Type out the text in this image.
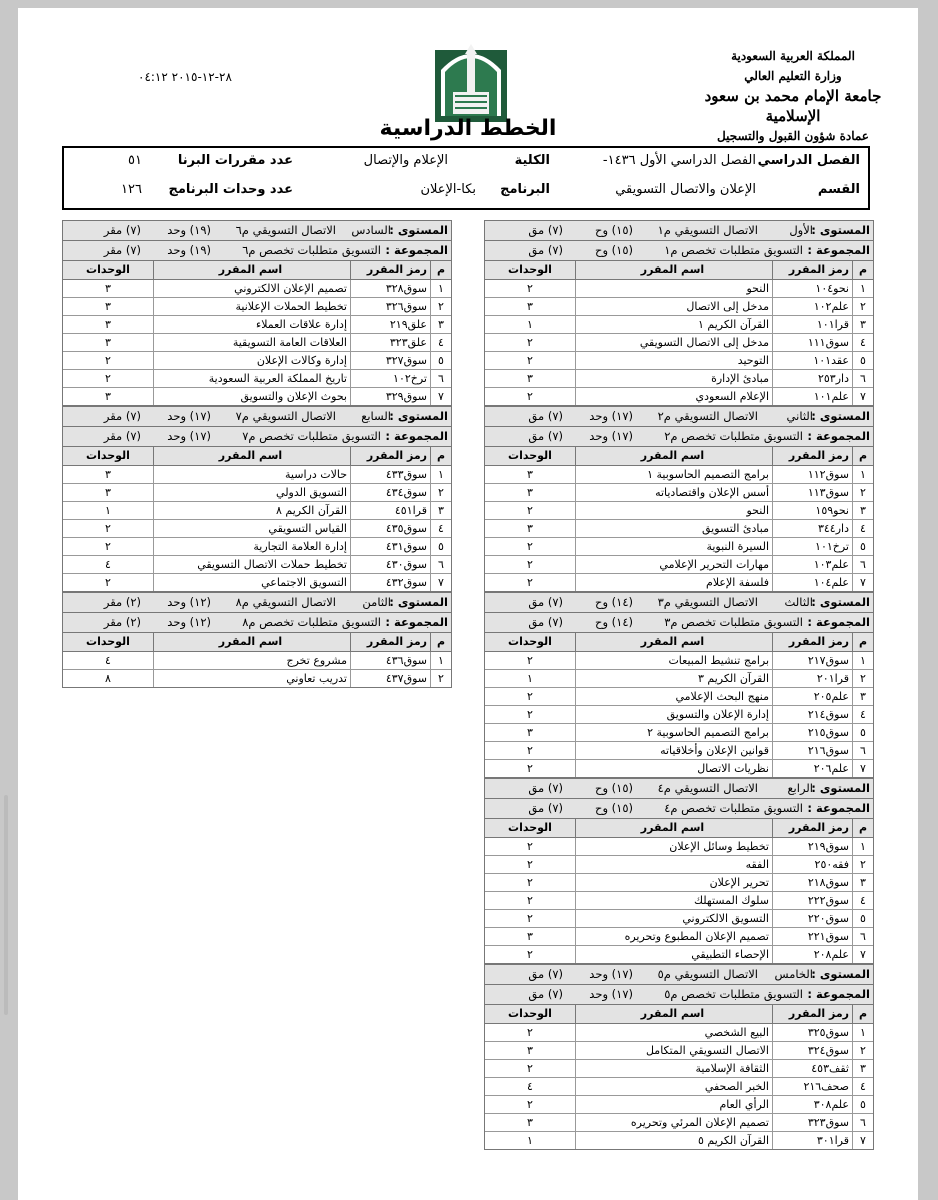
المملكة العربية السعودية
وزارة التعليم العالي
جامعة الإمام محمد بن سعود الإسلامية
عمادة شؤون القبول والتسجيل
٢٨-١٢-٢٠١٥ ٠٤:١٢
الخطط الدراسية
الفصل الدراسي
الفصل الدراسي الأول ١٤٣٦-
الكلية
الإعلام والإتصال
عدد مقررات البرنا
٥١
القسم
الإعلان والاتصال التسويقي
البرنامج
بكا-الإعلان
عدد وحدات البرنامج
١٢٦
المستوى :
الأول
الاتصال التسويقي م١
(١٥) وح
(٧) مق
المجموعة :
التسويق متطلبات تخصص م١
(١٥) وح
(٧) مق
م
رمز المقرر
اسم المقرر
الوحدات
١
نحو١٠٤
النحو
٢
٢
علم١٠٢
مدخل إلى الاتصال
٣
٣
قرا١٠١
القرآن الكريم ١
١
٤
سوق١١١
مدخل إلى الاتصال التسويقي
٢
٥
عقد١٠١
التوحيد
٢
٦
دار٢٥٣
مبادئ الإدارة
٣
٧
علم١٠١
الإعلام السعودي
٢
المستوى :
الثاني
الاتصال التسويقي م٢
(١٧) وحد
(٧) مق
المجموعة :
التسويق متطلبات تخصص م٢
(١٧) وحد
(٧) مق
م
رمز المقرر
اسم المقرر
الوحدات
١
سوق١١٢
برامج التصميم الحاسوبية ١
٣
٢
سوق١١٣
أسس الإعلان واقتصادياته
٣
٣
نحو١٥٩
النحو
٢
٤
دار٣٤٤
مبادئ التسويق
٣
٥
ترخ١٠١
السيرة النبوية
٢
٦
علم١٠٣
مهارات التحرير الإعلامي
٢
٧
علم١٠٤
فلسفة الإعلام
٢
المستوى :
الثالث
الاتصال التسويقي م٣
(١٤) وح
(٧) مق
المجموعة :
التسويق متطلبات تخصص م٣
(١٤) وح
(٧) مق
م
رمز المقرر
اسم المقرر
الوحدات
١
سوق٢١٧
برامج تنشيط المبيعات
٢
٢
قرا٢٠١
القرآن الكريم ٣
١
٣
علم٢٠٥
منهج البحث الإعلامي
٢
٤
سوق٢١٤
إدارة الإعلان والتسويق
٢
٥
سوق٢١٥
برامج التصميم الحاسوبية ٢
٣
٦
سوق٢١٦
قوانين الإعلان وأخلاقياته
٢
٧
علم٢٠٦
نظريات الاتصال
٢
المستوى :
الرابع
الاتصال التسويقي م٤
(١٥) وح
(٧) مق
المجموعة :
التسويق متطلبات تخصص م٤
(١٥) وح
(٧) مق
م
رمز المقرر
اسم المقرر
الوحدات
١
سوق٢١٩
تخطيط وسائل الإعلان
٢
٢
فقه٢٥٠
الفقه
٢
٣
سوق٢١٨
تحرير الإعلان
٢
٤
سوق٢٢٢
سلوك المستهلك
٢
٥
سوق٢٢٠
التسويق الالكتروني
٢
٦
سوق٢٢١
تصميم الإعلان المطبوع وتحريره
٣
٧
علم٢٠٨
الإحصاء التطبيقي
٢
المستوى :
الخامس
الاتصال التسويقي م٥
(١٧) وحد
(٧) مق
المجموعة :
التسويق متطلبات تخصص م٥
(١٧) وحد
(٧) مق
م
رمز المقرر
اسم المقرر
الوحدات
١
سوق٣٢٥
البيع الشخصي
٢
٢
سوق٣٢٤
الاتصال التسويقي المتكامل
٣
٣
ثقف٤٥٣
الثقافة الإسلامية
٢
٤
صحف٢١٦
الخبر الصحفي
٤
٥
علم٣٠٨
الرأي العام
٢
٦
سوق٣٢٣
تصميم الإعلان المرئي وتحريره
٣
٧
قرا٣٠١
القرآن الكريم ٥
١
المستوى :
السادس
الاتصال التسويقي م٦
(١٩) وحد
(٧) مقر
المجموعة :
التسويق متطلبات تخصص م٦
(١٩) وحد
(٧) مقر
م
رمز المقرر
اسم المقرر
الوحدات
١
سوق٣٢٨
تصميم الإعلان الالكتروني
٣
٢
سوق٣٢٦
تخطيط الحملات الإعلانية
٣
٣
علق٢١٩
إدارة علاقات العملاء
٣
٤
علق٣٢٣
العلاقات العامة التسويقية
٣
٥
سوق٣٢٧
إدارة وكالات الإعلان
٢
٦
ترخ١٠٢
تاريخ المملكة العربية السعودية
٢
٧
سوق٣٢٩
بحوث الإعلان والتسويق
٣
المستوى :
السابع
الاتصال التسويقي م٧
(١٧) وحد
(٧) مقر
المجموعة :
التسويق متطلبات تخصص م٧
(١٧) وحد
(٧) مقر
م
رمز المقرر
اسم المقرر
الوحدات
١
سوق٤٣٣
حالات دراسية
٣
٢
سوق٤٣٤
التسويق الدولي
٣
٣
قرا٤٥١
القرآن الكريم ٨
١
٤
سوق٤٣٥
القياس التسويقي
٢
٥
سوق٤٣١
إدارة العلامة التجارية
٢
٦
سوق٤٣٠
تخطيط حملات الاتصال التسويقي
٤
٧
سوق٤٣٢
التسويق الاجتماعي
٢
المستوى :
الثامن
الاتصال التسويقي م٨
(١٢) وحد
(٢) مقر
المجموعة :
التسويق متطلبات تخصص م٨
(١٢) وحد
(٢) مقر
م
رمز المقرر
اسم المقرر
الوحدات
١
سوق٤٣٦
مشروع تخرج
٤
٢
سوق٤٣٧
تدريب تعاوني
٨
